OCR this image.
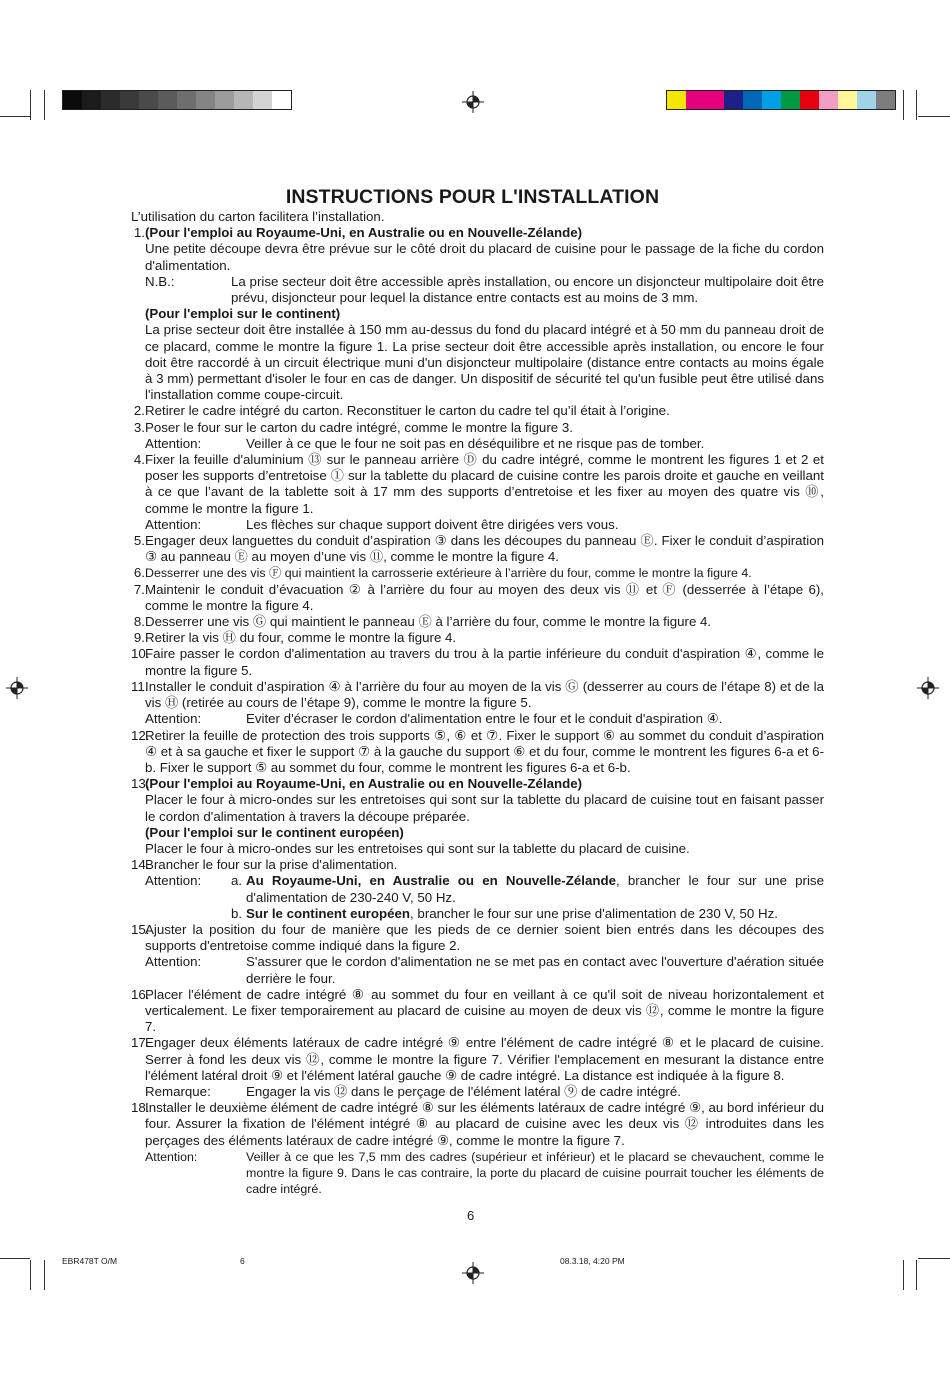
INSTRUCTIONS POUR L'INSTALLATION

L’utilisation du carton facilitera l’installation.

1. (Pour l'emploi au Royaume-Uni, en Australie ou en Nouvelle-Zélande)
Une petite découpe devra être prévue sur le côté droit du placard de cuisine pour le passage de la fiche du cordon d'alimentation.
N.B.:	La prise secteur doit être accessible après installation, ou encore un disjoncteur multipolaire doit être prévu, disjoncteur pour lequel la distance entre contacts est au moins de 3 mm.
(Pour l'emploi sur le continent)
La prise secteur doit être installée à 150 mm au-dessus du fond du placard intégré et à 50 mm du panneau droit de ce placard, comme le montre la figure 1. La prise secteur doit être accessible après installation, ou encore le four doit être raccordé à un circuit électrique muni d'un disjoncteur multipolaire (distance entre contacts au moins égale à 3 mm) permettant d'isoler le four en cas de danger. Un dispositif de sécurité tel qu'un fusible peut être utilisé dans l'installation comme coupe-circuit.
2. Retirer le cadre intégré du carton. Reconstituer le carton du cadre tel qu’il était à l’origine.
3. Poser le four sur le carton du cadre intégré, comme le montre la figure 3.
Attention:	Veiller à ce que le four ne soit pas en déséquilibre et ne risque pas de tomber.
4. Fixer la feuille d'aluminium ⑬ sur le panneau arrière Ⓓ du cadre intégré, comme le montrent les figures 1 et 2 et poser les supports d’entretoise ① sur la tablette du placard de cuisine contre les parois droite et gauche en veillant à ce que l’avant de la tablette soit à 17 mm des supports d’entretoise et les fixer au moyen des quatre vis ⑩, comme le montre la figure 1.
Attention:	Les flèches sur chaque support doivent être dirigées vers vous.
5. Engager deux languettes du conduit d’aspiration ③ dans les découpes du panneau Ⓔ. Fixer le conduit d’aspiration ③ au panneau Ⓔ au moyen d’une vis ⑪, comme le montre la figure 4.
6. Desserrer une des vis Ⓕ qui maintient la carrosserie extérieure à l’arrière du four, comme le montre la figure 4.
7. Maintenir le conduit d’évacuation ② à l’arrière du four au moyen des deux vis ⑪ et Ⓕ (desserrée à l’étape 6), comme le montre la figure 4.
8. Desserrer une vis Ⓖ qui maintient le panneau Ⓔ à l’arrière du four, comme le montre la figure 4.
9. Retirer la vis Ⓗ du four, comme le montre la figure 4.
10.
Faire passer le cordon d'alimentation au travers du trou à la partie inférieure du conduit d'aspiration ④, comme le montre la figure 5.
11.
Installer le conduit d’aspiration ④ à l’arrière du four au moyen de la vis Ⓖ (desserrer au cours de l’étape 8) et de la vis Ⓗ (retirée au cours de l’étape 9), comme le montre la figure 5.
Attention:	Eviter d'écraser le cordon d'alimentation entre le four et le conduit d'aspiration ④.
12.
Retirer la feuille de protection des trois supports ⑤, ⑥ et ⑦. Fixer le support ⑥ au sommet du conduit d’aspiration ④ et à sa gauche et fixer le support ⑦ à la gauche du support ⑥ et du four, comme le montrent les figures 6-a et 6-b. Fixer le support ⑤ au sommet du four, comme le montrent les figures 6-a et 6-b.
13.
(Pour l'emploi au Royaume-Uni, en Australie ou en Nouvelle-Zélande)
Placer le four à micro-ondes sur les entretoises qui sont sur la tablette du placard de cuisine tout en faisant passer le cordon d'alimentation à travers la découpe préparée.
(Pour l'emploi sur le continent européen)
Placer le four à micro-ondes sur les entretoises qui sont sur la tablette du placard de cuisine.
14.
Brancher le four sur la prise d'alimentation.
Attention:	a. Au Royaume-Uni, en Australie ou en Nouvelle-Zélande, brancher le four sur une prise d'alimentation de 230-240 V, 50 Hz.
b. Sur le continent européen, brancher le four sur une prise d'alimentation de 230 V, 50 Hz.
15.
Ajuster la position du four de manière que les pieds de ce dernier soient bien entrés dans les découpes des supports d'entretoise comme indiqué dans la figure 2.
Attention:	S'assurer que le cordon d'alimentation ne se met pas en contact avec l'ouverture d'aération située derrière le four.
16.
Placer l'élément de cadre intégré ⑧ au sommet du four en veillant à ce qu'il soit de niveau horizontalement et verticalement. Le fixer temporairement au placard de cuisine au moyen de deux vis ⑫, comme le montre la figure 7.
17.
Engager deux éléments latéraux de cadre intégré ⑨ entre l'élément de cadre intégré ⑧ et le placard de cuisine. Serrer à fond les deux vis ⑫, comme le montre la figure 7. Vérifier l'emplacement en mesurant la distance entre l'élément latéral droit ⑨ et l'élément latéral gauche ⑨ de cadre intégré. La distance est indiquée à la figure 8.
Remarque:	Engager la vis ⑫ dans le perçage de l'élément latéral ⑨ de cadre intégré.
18.
Installer le deuxième élément de cadre intégré ⑧ sur les éléments latéraux de cadre intégré ⑨, au bord inférieur du four. Assurer la fixation de l'élément intégré ⑧ au placard de cuisine avec les deux vis ⑫ introduites dans les perçages des éléments latéraux de cadre intégré ⑨, comme le montre la figure 7.
Attention:	Veiller à ce que les 7,5 mm des cadres (supérieur et inférieur) et le placard se chevauchent, comme le montre la figure 9. Dans le cas contraire, la porte du placard de cuisine pourrait toucher les éléments de cadre intégré.
6
EBR478T O/M	6	08.3.18, 4:20 PM
